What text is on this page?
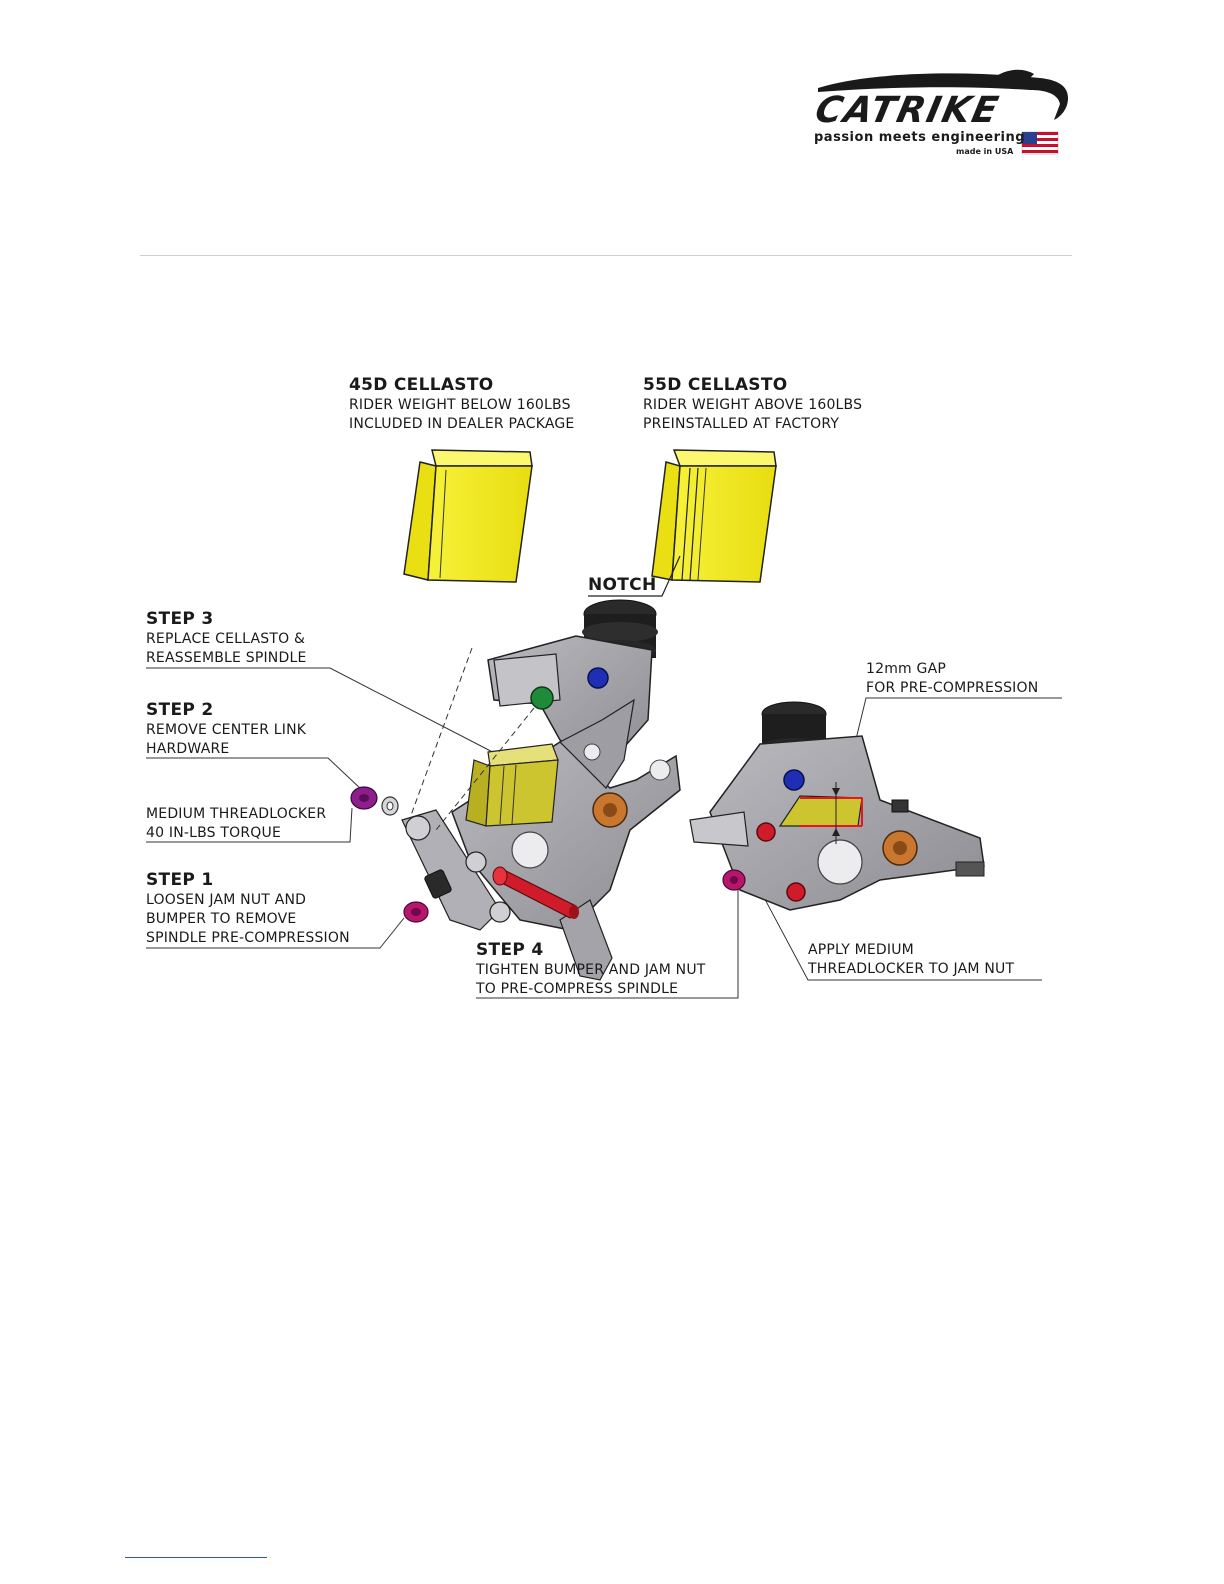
CATRIKE
passion meets engineering
made in USA
45D CELLASTO
RIDER WEIGHT BELOW 160LBS
INCLUDED IN DEALER PACKAGE
55D CELLASTO
RIDER WEIGHT ABOVE 160LBS
PREINSTALLED AT FACTORY
NOTCH
STEP 3
REPLACE CELLASTO &
REASSEMBLE SPINDLE
STEP 2
REMOVE CENTER LINK
HARDWARE
MEDIUM THREADLOCKER
40 IN-LBS TORQUE
STEP 1
LOOSEN JAM NUT AND
BUMPER TO REMOVE
SPINDLE PRE-COMPRESSION
STEP 4
TIGHTEN BUMPER AND JAM NUT
TO PRE-COMPRESS SPINDLE
12mm GAP
FOR PRE-COMPRESSION
APPLY MEDIUM
THREADLOCKER TO JAM NUT
